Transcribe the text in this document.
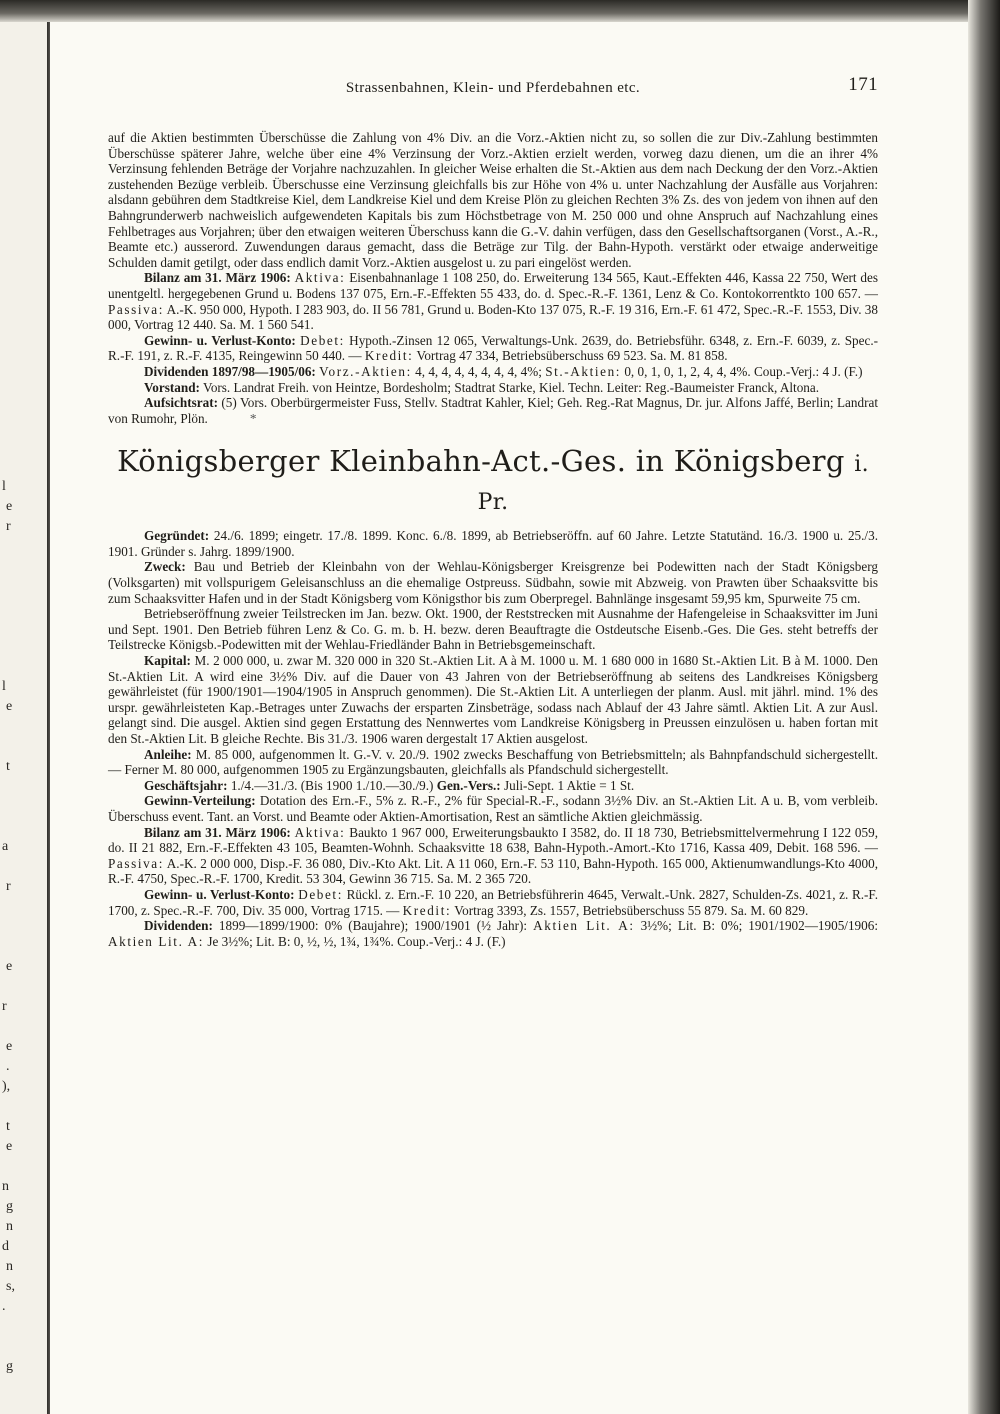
l
e
r
l
e
t
a
r
e
r
e
.
),
t
e
n
g
n
d
n
s,
.
g
Strassenbahnen, Klein- und Pferdebahnen etc.	171

auf die Aktien bestimmten Überschüsse die Zahlung von 4% Div. an die Vorz.-Aktien nicht zu, so sollen die zur Div.-Zahlung bestimmten Überschüsse späterer Jahre, welche über eine 4% Verzinsung der Vorz.-Aktien erzielt werden, vorweg dazu dienen, um die an ihrer 4% Verzinsung fehlenden Beträge der Vorjahre nachzuzahlen. In gleicher Weise erhalten die St.-Aktien aus dem nach Deckung der den Vorz.-Aktien zustehenden Bezüge verbleib. Überschusse eine Verzinsung gleichfalls bis zur Höhe von 4% u. unter Nachzahlung der Ausfälle aus Vorjahren: alsdann gebühren dem Stadtkreise Kiel, dem Landkreise Kiel und dem Kreise Plön zu gleichen Rechten 3% Zs. des von jedem von ihnen auf den Bahngrunderwerb nachweislich aufgewendeten Kapitals bis zum Höchstbetrage von M. 250 000 und ohne Anspruch auf Nachzahlung eines Fehlbetrages aus Vorjahren; über den etwaigen weiteren Überschuss kann die G.-V. dahin verfügen, dass den Gesellschaftsorganen (Vorst., A.-R., Beamte etc.) ausserord. Zuwendungen daraus gemacht, dass die Beträge zur Tilg. der Bahn-Hypoth. verstärkt oder etwaige anderweitige Schulden damit getilgt, oder dass endlich damit Vorz.-Aktien ausgelost u. zu pari eingelöst werden.

Bilanz am 31. März 1906: Aktiva: Eisenbahnanlage 1 108 250, do. Erweiterung 134 565, Kaut.-Effekten 446, Kassa 22 750, Wert des unentgeltl. hergegebenen Grund u. Bodens 137 075, Ern.-F.-Effekten 55 433, do. d. Spec.-R.-F. 1361, Lenz & Co. Kontokorrentkto 100 657. — Passiva: A.-K. 950 000, Hypoth. I 283 903, do. II 56 781, Grund u. Boden-Kto 137 075, R.-F. 19 316, Ern.-F. 61 472, Spec.-R.-F. 1553, Div. 38 000, Vortrag 12 440. Sa. M. 1 560 541.

Gewinn- u. Verlust-Konto: Debet: Hypoth.-Zinsen 12 065, Verwaltungs-Unk. 2639, do. Betriebsführ. 6348, z. Ern.-F. 6039, z. Spec.-R.-F. 191, z. R.-F. 4135, Reingewinn 50 440. — Kredit: Vortrag 47 334, Betriebsüberschuss 69 523. Sa. M. 81 858.

Dividenden 1897/98—1905/06: Vorz.-Aktien: 4, 4, 4, 4, 4, 4, 4, 4, 4%; St.-Aktien: 0, 0, 1, 0, 1, 2, 4, 4, 4%. Coup.-Verj.: 4 J. (F.)

Vorstand: Vors. Landrat Freih. von Heintze, Bordesholm; Stadtrat Starke, Kiel. Techn. Leiter: Reg.-Baumeister Franck, Altona.

Aufsichtsrat: (5) Vors. Oberbürgermeister Fuss, Stellv. Stadtrat Kahler, Kiel; Geh. Reg.-Rat Magnus, Dr. jur. Alfons Jaffé, Berlin; Landrat von Rumohr, Plön.	*

Königsberger Kleinbahn-Act.-Ges. in Königsberg i. Pr.

Gegründet: 24./6. 1899; eingetr. 17./8. 1899. Konc. 6./8. 1899, ab Betriebseröffn. auf 60 Jahre. Letzte Statutänd. 16./3. 1900 u. 25./3. 1901. Gründer s. Jahrg. 1899/1900.

Zweck: Bau und Betrieb der Kleinbahn von der Wehlau-Königsberger Kreisgrenze bei Podewitten nach der Stadt Königsberg (Volksgarten) mit vollspurigem Geleisanschluss an die ehemalige Ostpreuss. Südbahn, sowie mit Abzweig. von Prawten über Schaaksvitte bis zum Schaaksvitter Hafen und in der Stadt Königsberg vom Königsthor bis zum Oberpregel. Bahnlänge insgesamt 59,95 km, Spurweite 75 cm.

Betriebseröffnung zweier Teilstrecken im Jan. bezw. Okt. 1900, der Reststrecken mit Ausnahme der Hafengeleise in Schaaksvitter im Juni und Sept. 1901. Den Betrieb führen Lenz & Co. G. m. b. H. bezw. deren Beauftragte die Ostdeutsche Eisenb.-Ges. Die Ges. steht betreffs der Teilstrecke Königsb.-Podewitten mit der Wehlau-Friedländer Bahn in Betriebsgemeinschaft.

Kapital: M. 2 000 000, u. zwar M. 320 000 in 320 St.-Aktien Lit. A à M. 1000 u. M. 1 680 000 in 1680 St.-Aktien Lit. B à M. 1000. Den St.-Aktien Lit. A wird eine 3½% Div. auf die Dauer von 43 Jahren von der Betriebseröffnung ab seitens des Landkreises Königsberg gewährleistet (für 1900/1901—1904/1905 in Anspruch genommen). Die St.-Aktien Lit. A unterliegen der planm. Ausl. mit jährl. mind. 1% des urspr. gewährleisteten Kap.-Betrages unter Zuwachs der ersparten Zinsbeträge, sodass nach Ablauf der 43 Jahre sämtl. Aktien Lit. A zur Ausl. gelangt sind. Die ausgel. Aktien sind gegen Erstattung des Nennwertes vom Landkreise Königsberg in Preussen einzulösen u. haben fortan mit den St.-Aktien Lit. B gleiche Rechte. Bis 31./3. 1906 waren dergestalt 17 Aktien ausgelost.

Anleihe: M. 85 000, aufgenommen lt. G.-V. v. 20./9. 1902 zwecks Beschaffung von Betriebsmitteln; als Bahnpfandschuld sichergestellt. — Ferner M. 80 000, aufgenommen 1905 zu Ergänzungsbauten, gleichfalls als Pfandschuld sichergestellt.

Geschäftsjahr: 1./4.—31./3. (Bis 1900 1./10.—30./9.) Gen.-Vers.: Juli-Sept. 1 Aktie = 1 St.

Gewinn-Verteilung: Dotation des Ern.-F., 5% z. R.-F., 2% für Special-R.-F., sodann 3½% Div. an St.-Aktien Lit. A u. B, vom verbleib. Überschuss event. Tant. an Vorst. und Beamte oder Aktien-Amortisation, Rest an sämtliche Aktien gleichmässig.

Bilanz am 31. März 1906: Aktiva: Baukto 1 967 000, Erweiterungsbaukto I 3582, do. II 18 730, Betriebsmittelvermehrung I 122 059, do. II 21 882, Ern.-F.-Effekten 43 105, Beamten-Wohnh. Schaaksvitte 18 638, Bahn-Hypoth.-Amort.-Kto 1716, Kassa 409, Debit. 168 596. — Passiva: A.-K. 2 000 000, Disp.-F. 36 080, Div.-Kto Akt. Lit. A 11 060, Ern.-F. 53 110, Bahn-Hypoth. 165 000, Aktienumwandlungs-Kto 4000, R.-F. 4750, Spec.-R.-F. 1700, Kredit. 53 304, Gewinn 36 715. Sa. M. 2 365 720.

Gewinn- u. Verlust-Konto: Debet: Rückl. z. Ern.-F. 10 220, an Betriebsführerin 4645, Verwalt.-Unk. 2827, Schulden-Zs. 4021, z. R.-F. 1700, z. Spec.-R.-F. 700, Div. 35 000, Vortrag 1715. — Kredit: Vortrag 3393, Zs. 1557, Betriebsüberschuss 55 879. Sa. M. 60 829.

Dividenden: 1899—1899/1900: 0% (Baujahre); 1900/1901 (½ Jahr): Aktien Lit. A: 3½%; Lit. B: 0%; 1901/1902—1905/1906: Aktien Lit. A: Je 3½%; Lit. B: 0, ½, ½, 1¾, 1¾%. Coup.-Verj.: 4 J. (F.)
